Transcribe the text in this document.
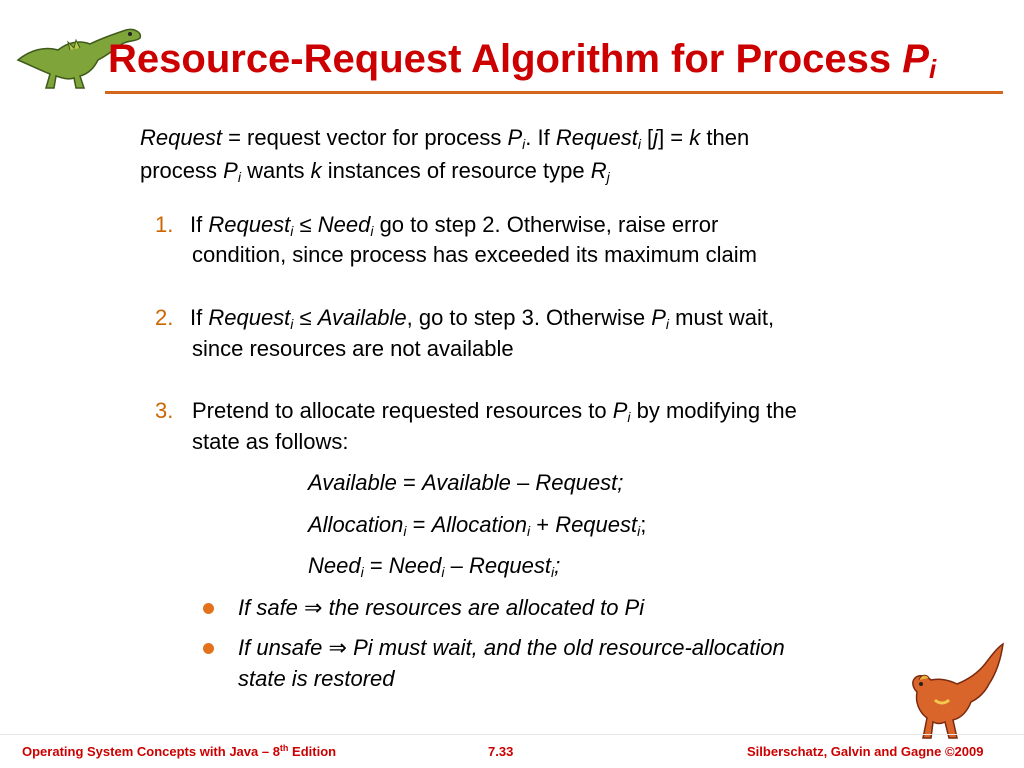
Resource-Request Algorithm for Process $P_i$
Request = request vector for process $P_i$. If Request$_i$ [j] = k then
process $P_i$ wants k instances of resource type $R_j$
1. If Request$_i$ ≤ Need$_i$ go to step 2. Otherwise, raise error
condition, since process has exceeded its maximum claim
2. If Request$_i$ ≤ Available, go to step 3. Otherwise $P_i$ must wait,
since resources are not available
3. Pretend to allocate requested resources to $P_i$ by modifying the
state as follows:
Available = Available – Request;
Allocation$_i$ = Allocation$_i$ + Request$_i$;
Need$_i$ = Need$_i$ – Request$_i$;
If safe ⇒ the resources are allocated to Pi
If unsafe ⇒ Pi must wait, and the old resource-allocation
state is restored
Operating System Concepts with Java – 8th Edition	7.33	Silberschatz, Galvin and Gagne ©2009
